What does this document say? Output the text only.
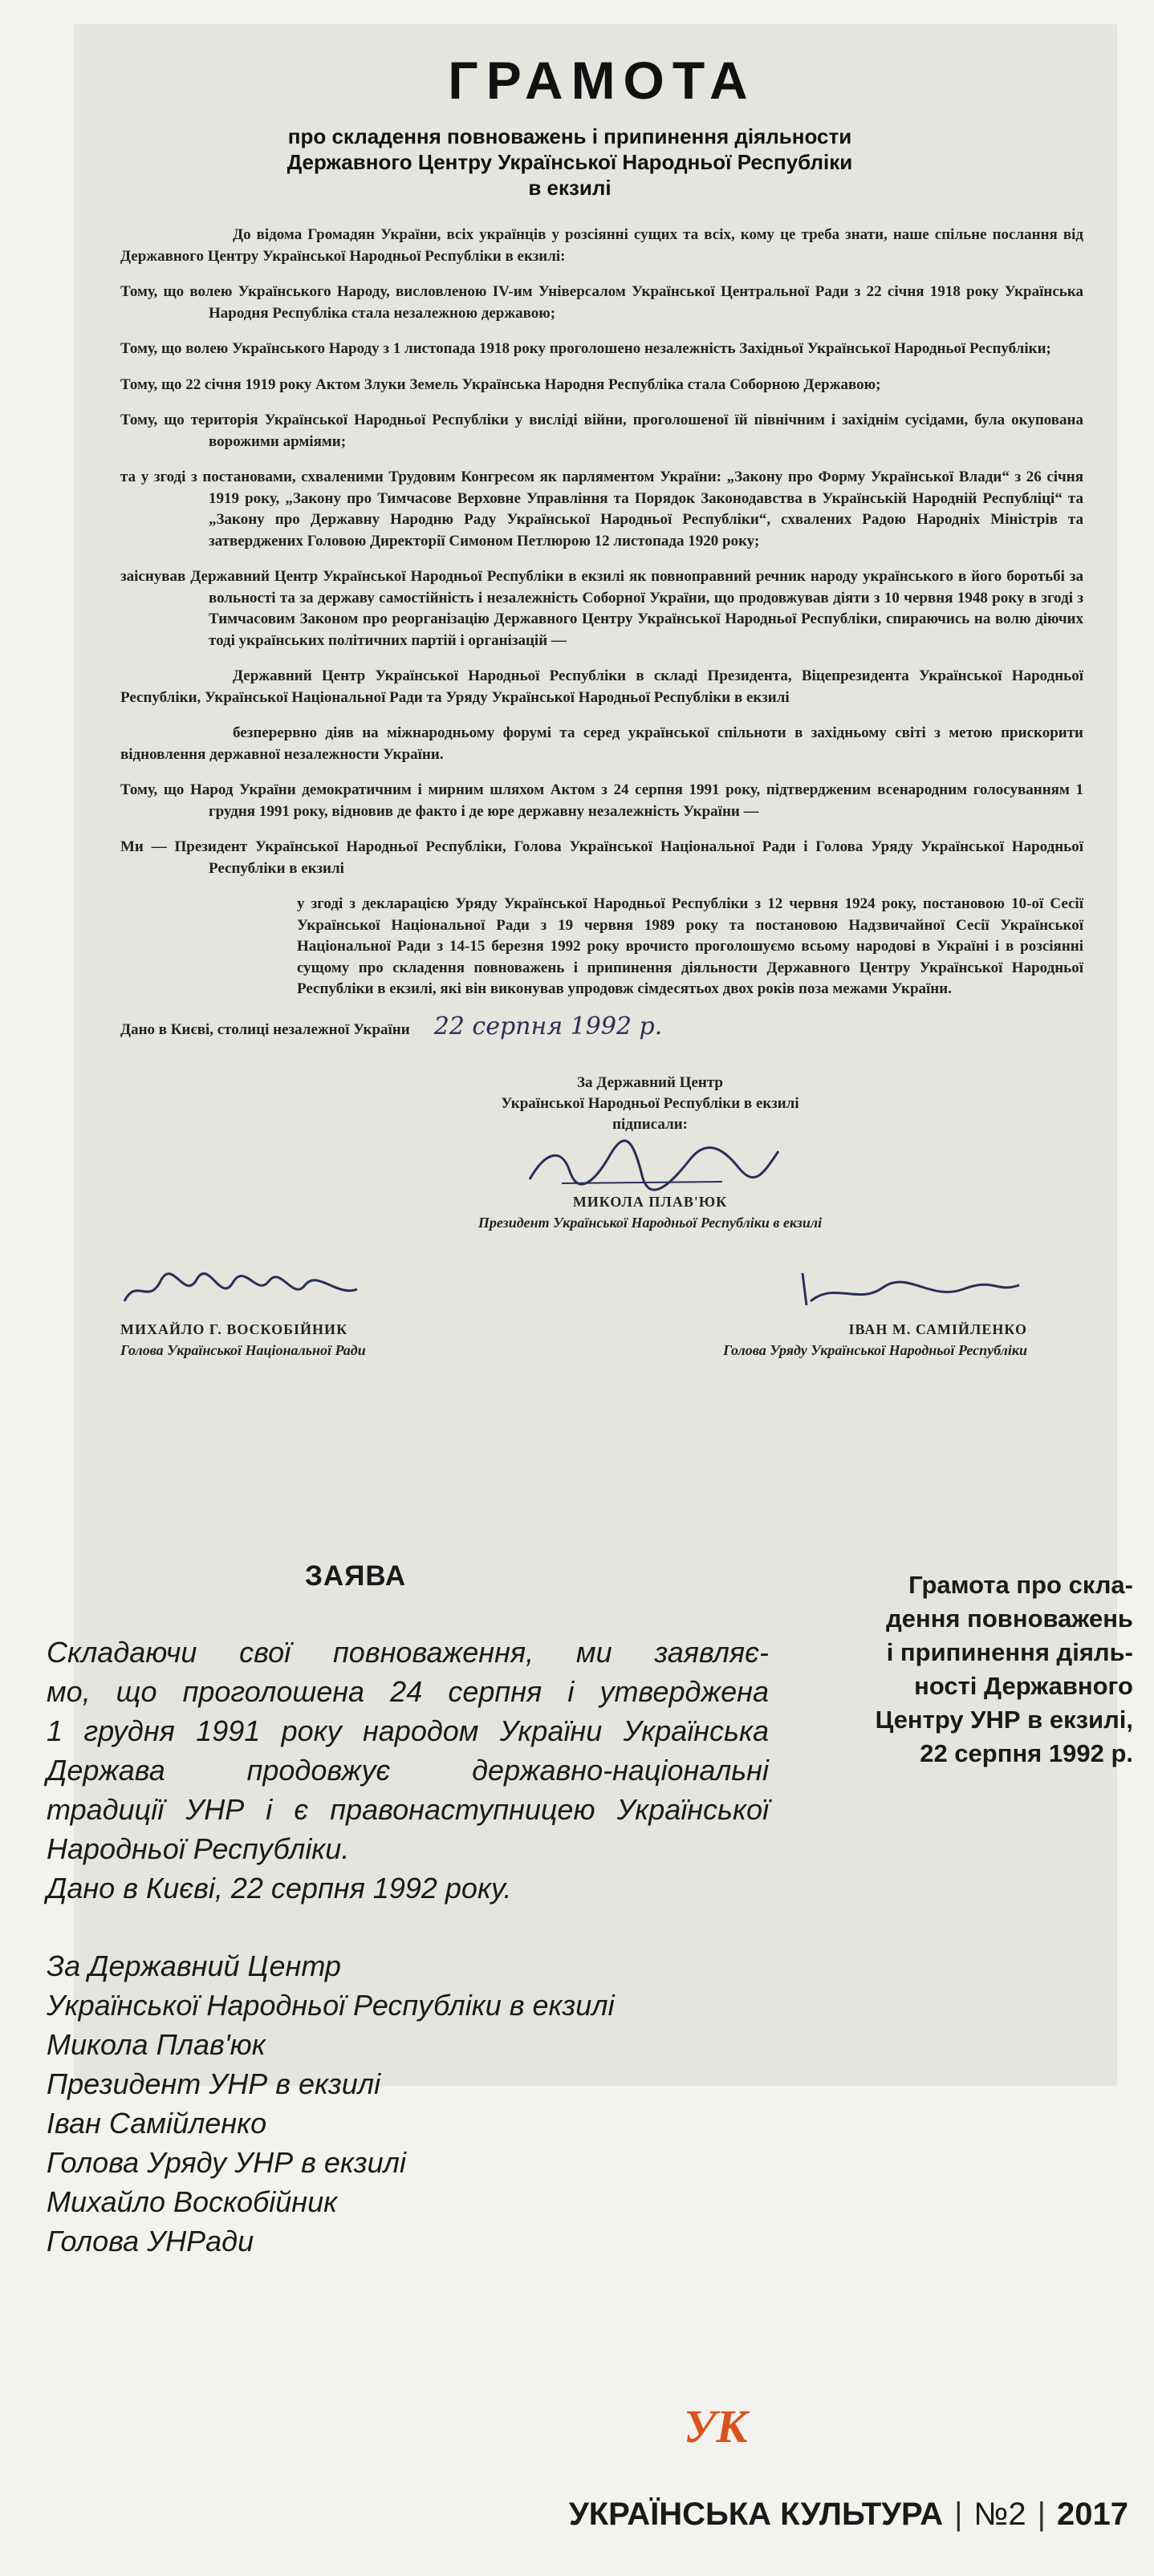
ГРАМОТА
про складення повноважень і припинення діяльности
Державного Центру Української Народньої Республіки
в екзилі

До відома Громадян України, всіх українців у розсіянні сущих та всіх, кому це треба знати, наше спільне послання від Державного Центру Української Народньої Республіки в екзилі:

Тому, що волею Українського Народу, висловленою IV-им Універсалом Української Центральної Ради з 22 січня 1918 року Українська Народня Республіка стала незалежною державою;

Тому, що волею Українського Народу з 1 листопада 1918 року проголошено незалежність Західньої Української Народньої Республіки;

Тому, що 22 січня 1919 року Актом Злуки Земель Українська Народня Республіка стала Соборною Державою;

Тому, що територія Української Народньої Республіки у висліді війни, проголошеної їй північним і західнім сусідами, була окупована ворожими арміями;

та у згоді з постановами, схваленими Трудовим Конгресом як парляментом України: „Закону про Форму Української Влади“ з 26 січня 1919 року, „Закону про Тимчасове Верховне Управління та Порядок Законодавства в Українській Народній Республіці“ та „Закону про Державну Народню Раду Української Народньої Республіки“, схвалених Радою Народніх Міністрів та затверджених Головою Директорії Симоном Петлюрою 12 листопада 1920 року;

заіснував Державний Центр Української Народньої Республіки в екзилі як повноправний речник народу українського в його боротьбі за вольності та за державу самостійність і незалежність Соборної України, що продовжував діяти з 10 червня 1948 року в згоді з Тимчасовим Законом про реорганізацію Державного Центру Української Народньої Республіки, спираючись на волю діючих тоді українських політичних партій і організацій —

Державний Центр Української Народньої Республіки в складі Президента, Віцепрезидента Української Народньої Республіки, Української Національної Ради та Уряду Української Народньої Республіки в екзилі

безперервно діяв на міжнародньому форумі та серед української спільноти в західньому світі з метою прискорити відновлення державної незалежности України.

Тому, що Народ України демократичним і мирним шляхом Актом з 24 серпня 1991 року, підтвердженим всенародним голосуванням 1 грудня 1991 року, відновив де факто і де юре державну незалежність України —

Ми — Президент Української Народньої Республіки, Голова Української Національної Ради і Голова Уряду Української Народньої Республіки в екзилі

у згоді з декларацією Уряду Української Народньої Республіки з 12 червня 1924 року, постановою 10-ої Сесії Української Національної Ради з 19 червня 1989 року та постановою Надзвичайної Сесії Української Національної Ради з 14-15 березня 1992 року врочисто проголошуємо всьому народові в Україні і в розсіянні сущому про складення повноважень і припинення діяльности Державного Центру Української Народньої Республіки в екзилі, які він виконував упродовж сімдесятьох двох років поза межами України.

Дано в Києві, столиці незалежної України 22 серпня 1992 р.
За Державний Центр
Української Народньої Республіки в екзилі
підписали:
МИКОЛА ПЛАВ'ЮК
Президент Української Народньої Республіки в екзилі
МИХАЙЛО Г. ВОСКОБІЙНИК
Голова Української Національної Ради
ІВАН М. САМІЙЛЕНКО
Голова Уряду Української Народньої Республіки
ЗАЯВА
Складаючи свої повноваження, ми заявляє-
мо, що проголошена 24 серпня і утверджена
1 грудня 1991 року народом України Українська
Держава продовжує державно-національні
традиції УНР і є правонаступницею Української
Народньої Республіки.
Дано в Києві, 22 серпня 1992 року.
За Державний Центр
Української Народньої Республіки в екзилі
Микола Плав'юк
Президент УНР в екзилі
Іван Самійленко
Голова Уряду УНР в екзилі
Михайло Воскобійник
Голова УНРади
Грамота про скла-
дення повноважень
і припинення діяль-
ності Державного
Центру УНР в екзилі,
22 серпня 1992 р.
УК
УКРАЇНСЬКА КУЛЬТУРА | №2 | 2017
